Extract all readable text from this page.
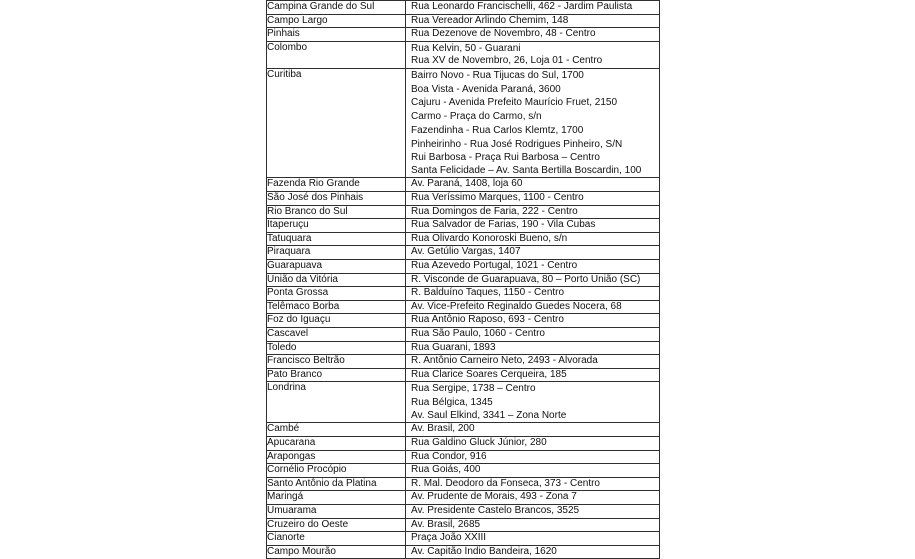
Campina Grande do Sul	Rua Leonardo Francischelli, 462 - Jardim Paulista

Campo Largo	Rua Vereador Arlindo Chemim, 148

Pinhais	Rua Dezenove de Novembro, 48 - Centro

Colombo	Rua Kelvin, 50 - Guarani
Rua XV de Novembro, 26, Loja 01 - Centro

Curitiba	Bairro Novo - Rua Tijucas do Sul, 1700
Boa Vista - Avenida Paraná, 3600
Cajuru - Avenida Prefeito Maurício Fruet, 2150
Carmo - Praça do Carmo, s/n
Fazendinha - Rua Carlos Klemtz, 1700
Pinheirinho - Rua José Rodrigues Pinheiro, S/N
Rui Barbosa - Praça Rui Barbosa – Centro
Santa Felicidade – Av. Santa Bertilla Boscardin, 100

Fazenda Rio Grande	Av. Paraná, 1408, loja 60

São José dos Pinhais	Rua Veríssimo Marques, 1100 - Centro

Rio Branco do Sul	Rua Domingos de Faria, 222 - Centro

Itaperuçu	Rua Salvador de Farias, 190 - Vila Cubas

Tatuquara	Rua Olivardo Konoroski Bueno, s/n

Piraquara	Av. Getúlio Vargas, 1407

Guarapuava	Rua Azevedo Portugal, 1021 - Centro

União da Vitória	R. Visconde de Guarapuava, 80 – Porto União (SC)

Ponta Grossa	R. Balduíno Taques, 1150 - Centro

Telêmaco Borba	Av. Vice-Prefeito Reginaldo Guedes Nocera, 68

Foz do Iguaçu	Rua Antônio Raposo, 693 - Centro

Cascavel	Rua São Paulo, 1060 - Centro

Toledo	Rua Guarani, 1893

Francisco Beltrão	R. Antônio Carneiro Neto, 2493 - Alvorada

Pato Branco	Rua Clarice Soares Cerqueira, 185

Londrina	Rua Sergipe, 1738 – Centro
Rua Bélgica, 1345
Av. Saul Elkind, 3341 – Zona Norte

Cambé	Av. Brasil, 200

Apucarana	Rua Galdino Gluck Júnior, 280

Arapongas	Rua Condor, 916

Cornélio Procópio	Rua Goiás, 400

Santo Antônio da Platina	R. Mal. Deodoro da Fonseca, 373 - Centro

Maringá	Av. Prudente de Morais, 493 - Zona 7

Umuarama	Av. Presidente Castelo Brancos, 3525

Cruzeiro do Oeste	Av. Brasil, 2685

Cianorte	Praça João XXIII

Campo Mourão	Av. Capitão Índio Bandeira, 1620
